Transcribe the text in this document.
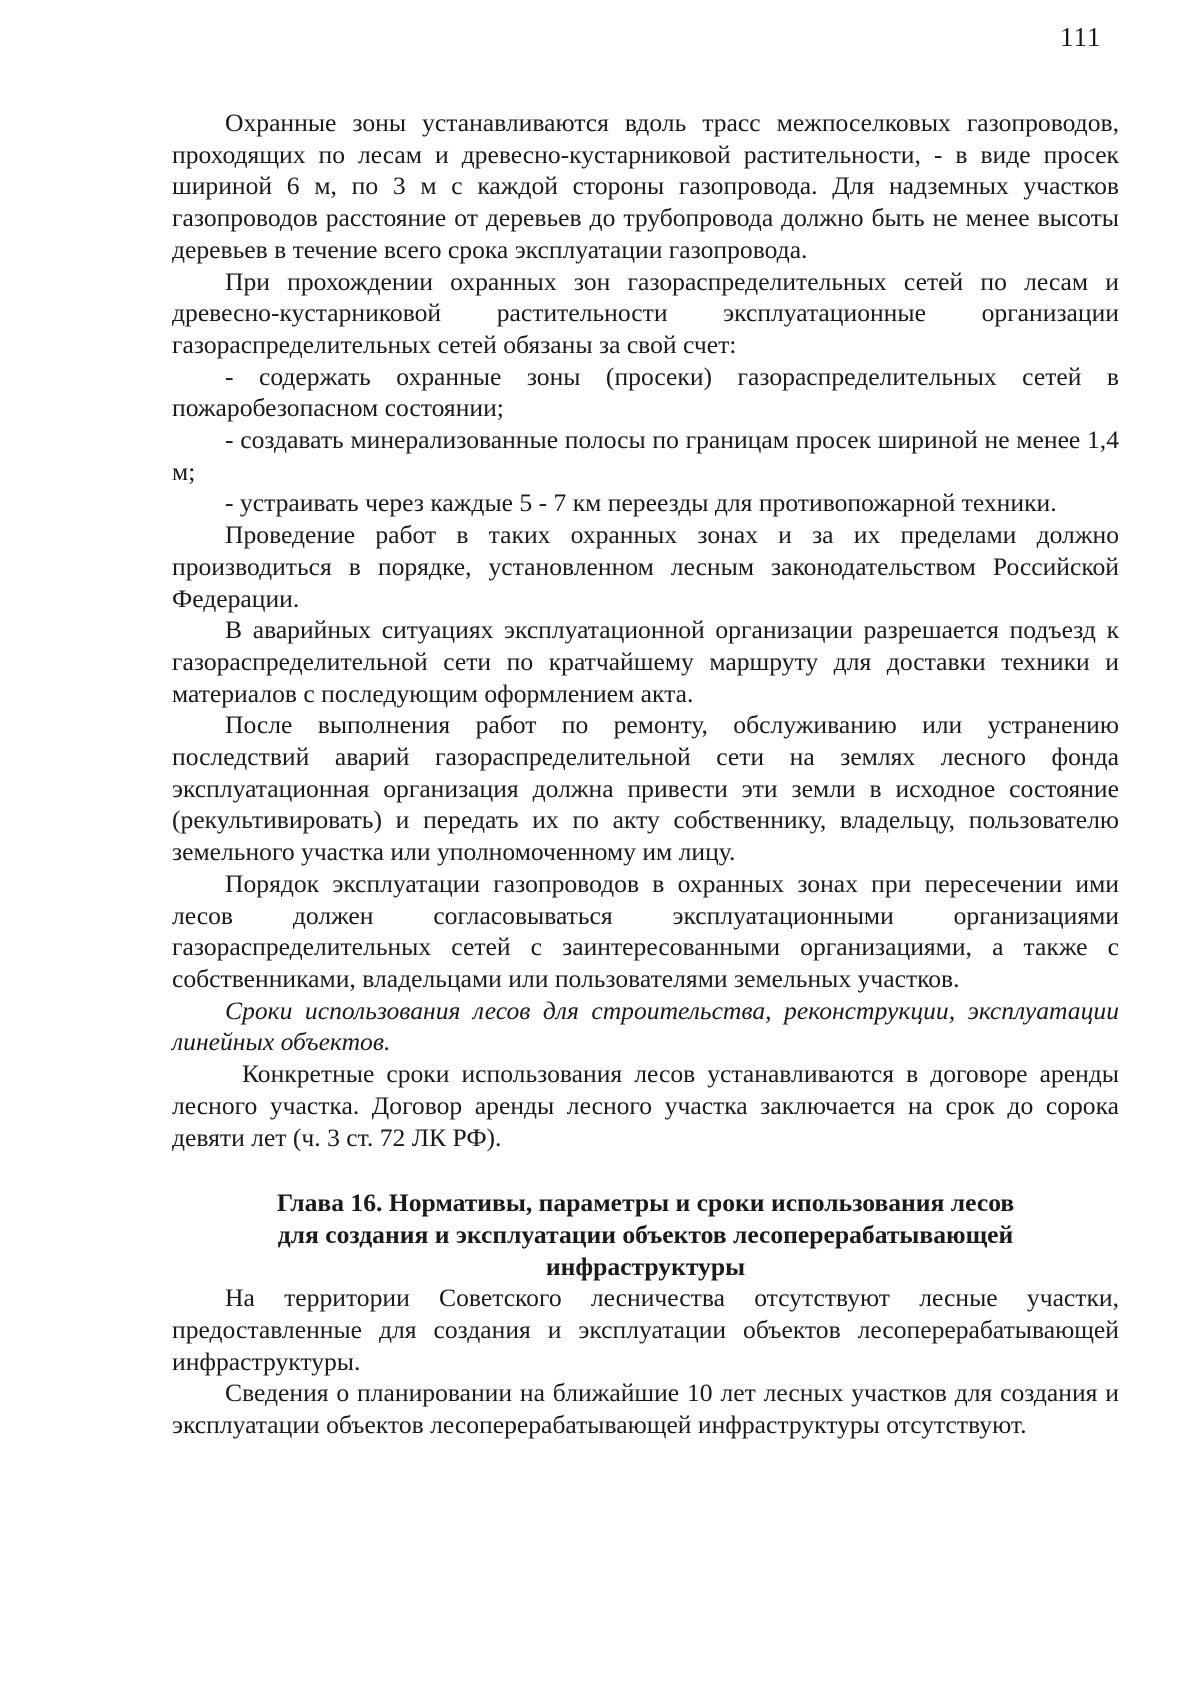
111

Охранные зоны устанавливаются вдоль трасс межпоселковых газопроводов, проходящих по лесам и древесно-кустарниковой растительности, - в виде просек шириной 6 м, по 3 м с каждой стороны газопровода. Для надземных участков газопроводов расстояние от деревьев до трубопровода должно быть не менее высоты деревьев в течение всего срока эксплуатации газопровода.

При прохождении охранных зон газораспределительных сетей по лесам и древесно-кустарниковой растительности эксплуатационные организации газораспределительных сетей обязаны за свой счет:

- содержать охранные зоны (просеки) газораспределительных сетей в пожаробезопасном состоянии;

- создавать минерализованные полосы по границам просек шириной не менее 1,4 м;

- устраивать через каждые 5 - 7 км переезды для противопожарной техники.

Проведение работ в таких охранных зонах и за их пределами должно производиться в порядке, установленном лесным законодательством Российской Федерации.

В аварийных ситуациях эксплуатационной организации разрешается подъезд к газораспределительной сети по кратчайшему маршруту для доставки техники и материалов с последующим оформлением акта.

После выполнения работ по ремонту, обслуживанию или устранению последствий аварий газораспределительной сети на землях лесного фонда эксплуатационная организация должна привести эти земли в исходное состояние (рекультивировать) и передать их по акту собственнику, владельцу, пользователю земельного участка или уполномоченному им лицу.

Порядок эксплуатации газопроводов в охранных зонах при пересечении ими лесов должен согласовываться эксплуатационными организациями газораспределительных сетей с заинтересованными организациями, а также с собственниками, владельцами или пользователями земельных участков.

Сроки использования лесов для строительства, реконструкции, эксплуатации линейных объектов.

Конкретные сроки использования лесов устанавливаются в договоре аренды лесного участка. Договор аренды лесного участка заключается на срок до сорока девяти лет (ч. 3 ст. 72 ЛК РФ).

Глава 16. Нормативы, параметры и сроки использования лесов
для создания и эксплуатации объектов лесоперерабатывающей
инфраструктуры

На территории Советского лесничества отсутствуют лесные участки, предоставленные для создания и эксплуатации объектов лесоперерабатывающей инфраструктуры.

Сведения о планировании на ближайшие 10 лет лесных участков для создания и эксплуатации объектов лесоперерабатывающей инфраструктуры отсутствуют.
